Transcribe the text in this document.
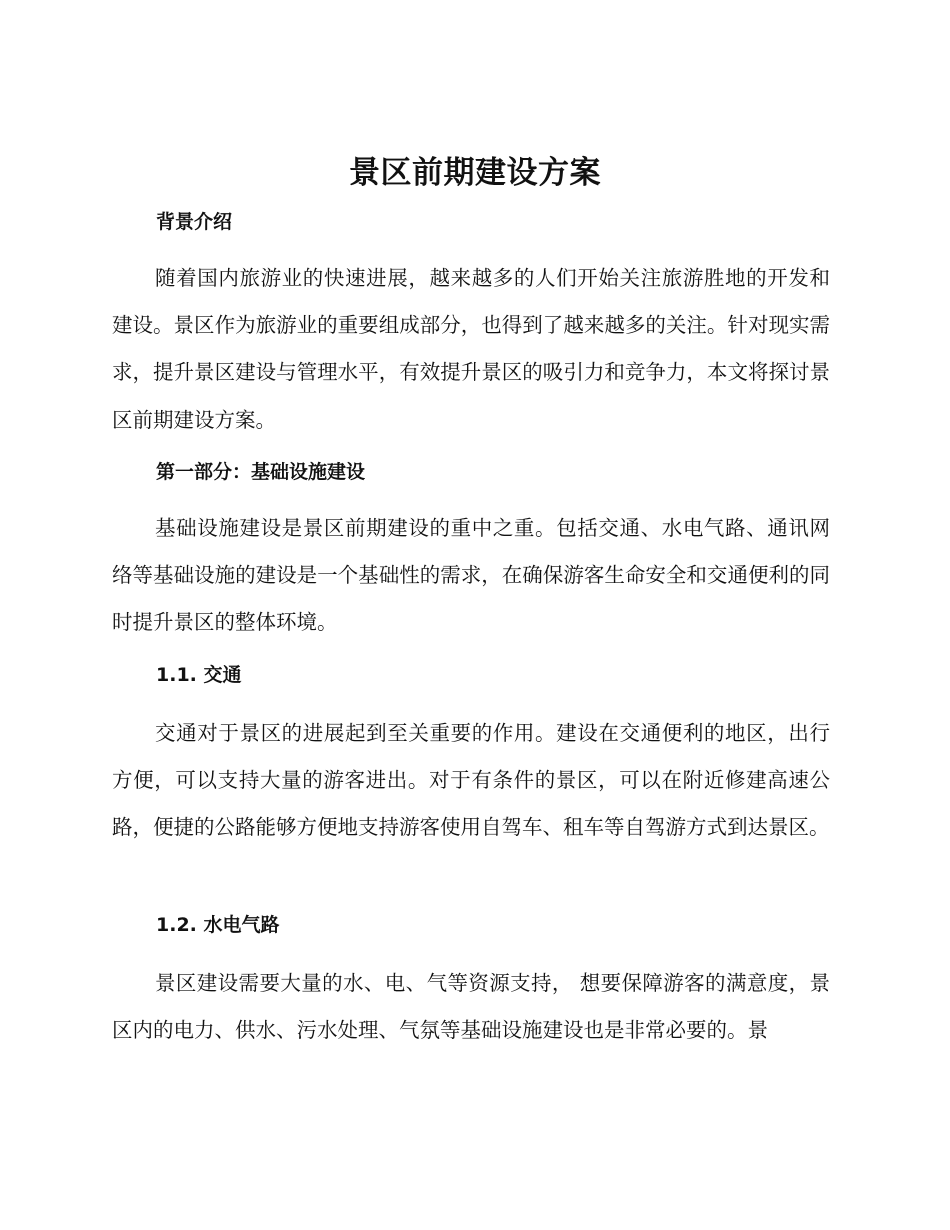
景区前期建设方案
背景介绍

随着国内旅游业的快速进展，越来越多的人们开始关注旅游胜地的开发和建设。景区作为旅游业的重要组成部分，也得到了越来越多的关注。针对现实需求，提升景区建设与管理水平，有效提升景区的吸引力和竞争力，本文将探讨景区前期建设方案。

第一部分：基础设施建设

基础设施建设是景区前期建设的重中之重。包括交通、水电气路、通讯网络等基础设施的建设是一个基础性的需求，在确保游客生命安全和交通便利的同时提升景区的整体环境。

1.1. 交通

交通对于景区的进展起到至关重要的作用。建设在交通便利的地区，出行方便，可以支持大量的游客进出。对于有条件的景区，可以在附近修建高速公路，便捷的公路能够方便地支持游客使用自驾车、租车等自驾游方式到达景区。

1.2. 水电气路

景区建设需要大量的水、电、气等资源支持， 想要保障游客的满意度，景区内的电力、供水、污水处理、气氛等基础设施建设也是非常必要的。景
